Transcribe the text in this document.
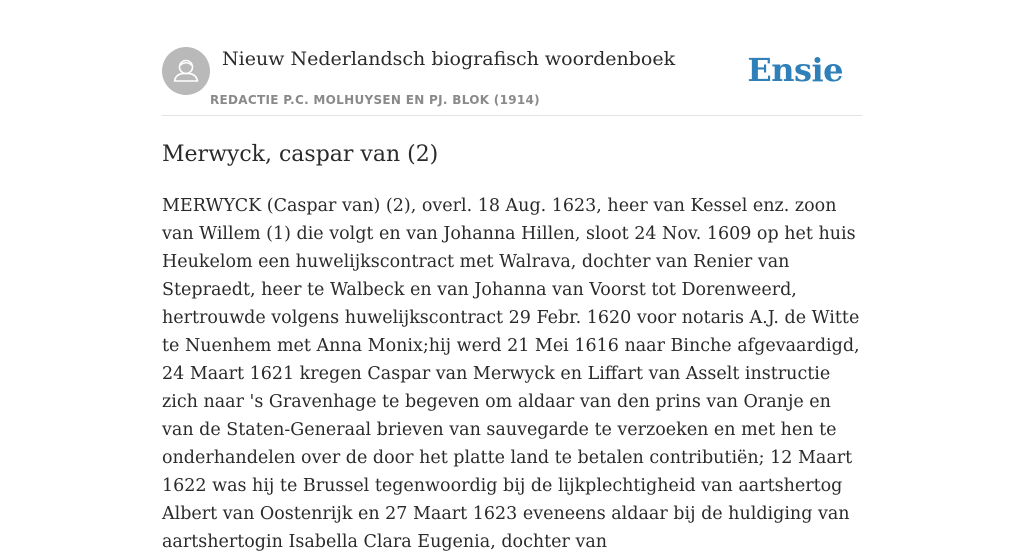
Nieuw Nederlandsch biografisch woordenboek
REDACTIE P.C. MOLHUYSEN EN PJ. BLOK (1914)
Ensie
Merwyck, caspar van (2)

MERWYCK (Caspar van) (2), overl. 18 Aug. 1623, heer van Kessel enz. zoon van Willem (1) die volgt en van Johanna Hillen, sloot 24 Nov. 1609 op het huis Heukelom een huwelijkscontract met Walrava, dochter van Renier van Stepraedt, heer te Walbeck en van Johanna van Voorst tot Dorenweerd, hertrouwde volgens huwelijkscontract 29 Febr. 1620 voor notaris A.J. de Witte te Nuenhem met Anna Monix;hij werd 21 Mei 1616 naar Binche afgevaardigd, 24 Maart 1621 kregen Caspar van Merwyck en Liffart van Asselt instructie zich naar 's Gravenhage te begeven om aldaar van den prins van Oranje en van de Staten-Generaal brieven van sauvegarde te verzoeken en met hen te onderhandelen over de door het platte land te betalen contributiën; 12 Maart 1622 was hij te Brussel tegenwoordig bij de lijkplechtigheid van aartshertog Albert van Oostenrijk en 27 Maart 1623 eveneens aldaar bij de huldiging van aartshertogin Isabella Clara Eugenia, dochter van
